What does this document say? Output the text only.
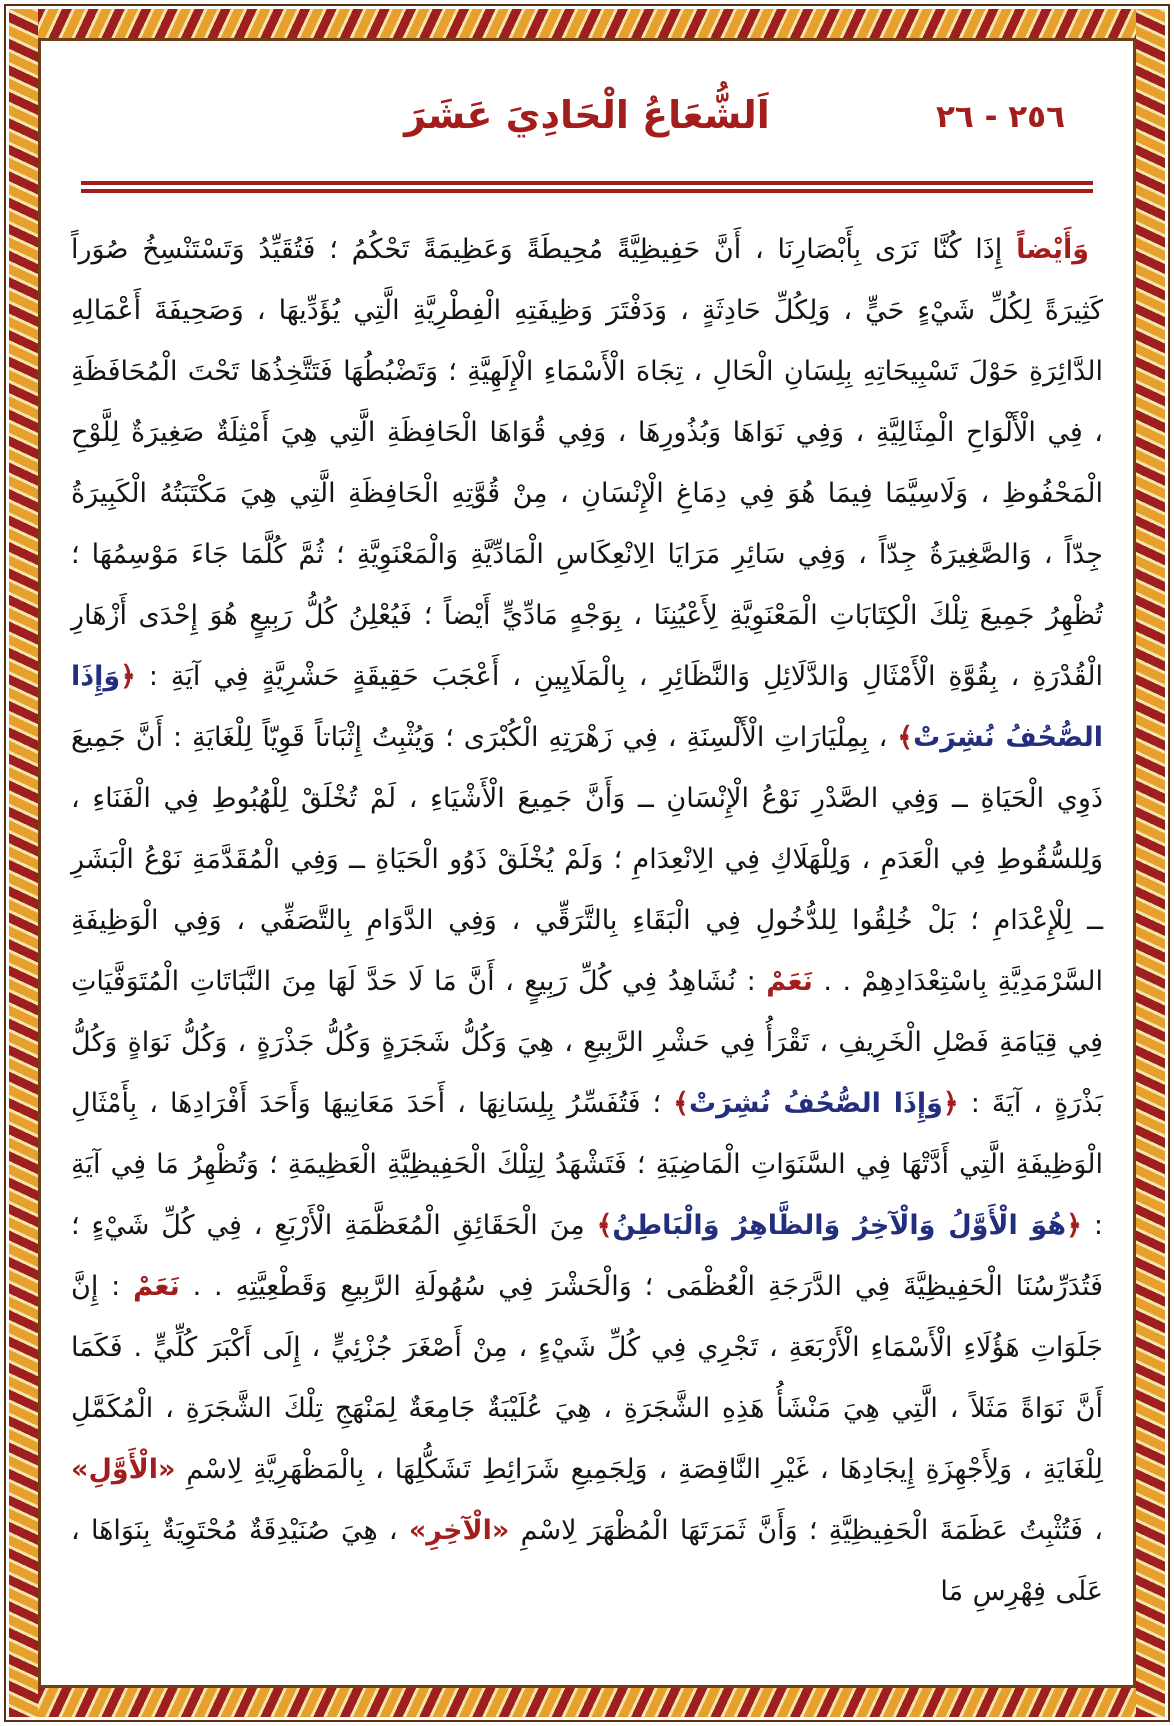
٢٥٦ - ٢٦
اَلشُّعَاعُ الْحَادِيَ عَشَرَ

وَأَيْضاً إِذَا كُنَّا نَرَى بِأَبْصَارِنَا ، أَنَّ حَفِيظِيَّةً مُحِيطَةً وَعَظِيمَةً تَحْكُمُ ؛ فَتُقَيِّدُ وَتَسْتَنْسِخُ صُوَراً كَثِيرَةً لِكُلِّ شَيْءٍ حَيٍّ ، وَلِكُلِّ حَادِثَةٍ ، وَدَفْتَرَ وَظِيفَتِهِ الْفِطْرِيَّةِ الَّتِي يُؤَدِّيهَا ، وَصَحِيفَةَ أَعْمَالِهِ الدَّائِرَةِ حَوْلَ تَسْبِيحَاتِهِ بِلِسَانِ الْحَالِ ، تِجَاهَ الْأَسْمَاءِ الْإِلَهِيَّةِ ؛ وَتَضْبُطُهَا فَتَتَّخِذُهَا تَحْتَ الْمُحَافَظَةِ ، فِي الْأَلْوَاحِ الْمِثَالِيَّةِ ، وَفِي نَوَاهَا وَبُذُورِهَا ، وَفِي قُوَاهَا الْحَافِظَةِ الَّتِي هِيَ أَمْثِلَةٌ صَغِيرَةٌ لِلَّوْحِ الْمَحْفُوظِ ، وَلَاسِيَّمَا فِيمَا هُوَ فِي دِمَاغِ الْإِنْسَانِ ، مِنْ قُوَّتِهِ الْحَافِظَةِ الَّتِي هِيَ مَكْتَبَتُهُ الْكَبِيرَةُ جِدّاً ، وَالصَّغِيرَةُ جِدّاً ، وَفِي سَائِرِ مَرَايَا الِانْعِكَاسِ الْمَادِّيَّةِ وَالْمَعْنَوِيَّةِ ؛ ثُمَّ كُلَّمَا جَاءَ مَوْسِمُهَا ؛ تُظْهِرُ جَمِيعَ تِلْكَ الْكِتَابَاتِ الْمَعْنَوِيَّةِ لِأَعْيُنِنَا ، بِوَجْهٍ مَادِّيٍّ أَيْضاً ؛ فَيُعْلِنُ كُلُّ رَبِيعٍ هُوَ إِحْدَى أَزْهَارِ الْقُدْرَةِ ، بِقُوَّةِ الْأَمْثَالِ وَالدَّلَائِلِ وَالنَّظَائِرِ ، بِالْمَلَايِينِ ، أَعْجَبَ حَقِيقَةٍ حَشْرِيَّةٍ فِي آيَةِ : ﴿وَإِذَا الصُّحُفُ نُشِرَتْ﴾ ، بِمِلْيَارَاتِ الْأَلْسِنَةِ ، فِي زَهْرَتِهِ الْكُبْرَى ؛ وَيُثْبِتُ إِثْبَاتاً قَوِيّاً لِلْغَايَةِ : أَنَّ جَمِيعَ ذَوِي الْحَيَاةِ ــ وَفِي الصَّدْرِ نَوْعُ الْإِنْسَانِ ــ وَأَنَّ جَمِيعَ الْأَشْيَاءِ ، لَمْ تُخْلَقْ لِلْهُبُوطِ فِي الْفَنَاءِ ، وَلِلسُّقُوطِ فِي الْعَدَمِ ، وَلِلْهَلَاكِ فِي الِانْعِدَامِ ؛ وَلَمْ يُخْلَقْ ذَوُو الْحَيَاةِ ــ وَفِي الْمُقَدَّمَةِ نَوْعُ الْبَشَرِ ــ لِلْإِعْدَامِ ؛ بَلْ خُلِقُوا لِلدُّخُولِ فِي الْبَقَاءِ بِالتَّرَقِّي ، وَفِي الدَّوَامِ بِالتَّصَفِّي ، وَفِي الْوَظِيفَةِ السَّرْمَدِيَّةِ بِاسْتِعْدَادِهِمْ . . نَعَمْ : نُشَاهِدُ فِي كُلِّ رَبِيعٍ ، أَنَّ مَا لَا حَدَّ لَهَا مِنَ النَّبَاتَاتِ الْمُتَوَفَّيَاتِ فِي قِيَامَةِ فَصْلِ الْخَرِيفِ ، تَقْرَأُ فِي حَشْرِ الرَّبِيعِ ، هِيَ وَكُلُّ شَجَرَةٍ وَكُلُّ جَذْرَةٍ ، وَكُلُّ نَوَاةٍ وَكُلُّ بَذْرَةٍ ، آيَةَ : ﴿وَإِذَا الصُّحُفُ نُشِرَتْ﴾ ؛ فَتُفَسِّرُ بِلِسَانِهَا ، أَحَدَ مَعَانِيهَا وَأَحَدَ أَفْرَادِهَا ، بِأَمْثَالِ الْوَظِيفَةِ الَّتِي أَدَّتْهَا فِي السَّنَوَاتِ الْمَاضِيَةِ ؛ فَتَشْهَدُ لِتِلْكَ الْحَفِيظِيَّةِ الْعَظِيمَةِ ؛ وَتُظْهِرُ مَا فِي آيَةِ : ﴿هُوَ الْأَوَّلُ وَالْآخِرُ وَالظَّاهِرُ وَالْبَاطِنُ﴾ مِنَ الْحَقَائِقِ الْمُعَظَّمَةِ الْأَرْبَعِ ، فِي كُلِّ شَيْءٍ ؛ فَتُدَرِّسُنَا الْحَفِيظِيَّةَ فِي الدَّرَجَةِ الْعُظْمَى ؛ وَالْحَشْرَ فِي سُهُولَةِ الرَّبِيعِ وَقَطْعِيَّتِهِ . . نَعَمْ : إِنَّ جَلَوَاتِ هَؤُلَاءِ الْأَسْمَاءِ الْأَرْبَعَةِ ، تَجْرِي فِي كُلِّ شَيْءٍ ، مِنْ أَصْغَرَ جُزْئِيٍّ ، إِلَى أَكْبَرَ كُلِّيٍّ . فَكَمَا أَنَّ نَوَاةً مَثَلاً ، الَّتِي هِيَ مَنْشَأُ هَذِهِ الشَّجَرَةِ ، هِيَ عُلَيْبَةٌ جَامِعَةٌ لِمَنْهَجِ تِلْكَ الشَّجَرَةِ ، الْمُكَمَّلِ لِلْغَايَةِ ، وَلِأَجْهِزَةِ إِيجَادِهَا ، غَيْرِ النَّاقِصَةِ ، وَلِجَمِيعِ شَرَائِطِ تَشَكُّلِهَا ، بِالْمَظْهَرِيَّةِ لِاسْمِ «الْأَوَّلِ» ، فَتُثْبِتُ عَظَمَةَ الْحَفِيظِيَّةِ ؛ وَأَنَّ ثَمَرَتَهَا الْمُظْهَرَ لِاسْمِ «الْآخِرِ» ، هِيَ صُنَيْدِقَةٌ مُحْتَوِيَةٌ بِنَوَاهَا ، عَلَى فِهْرِسِ مَا
